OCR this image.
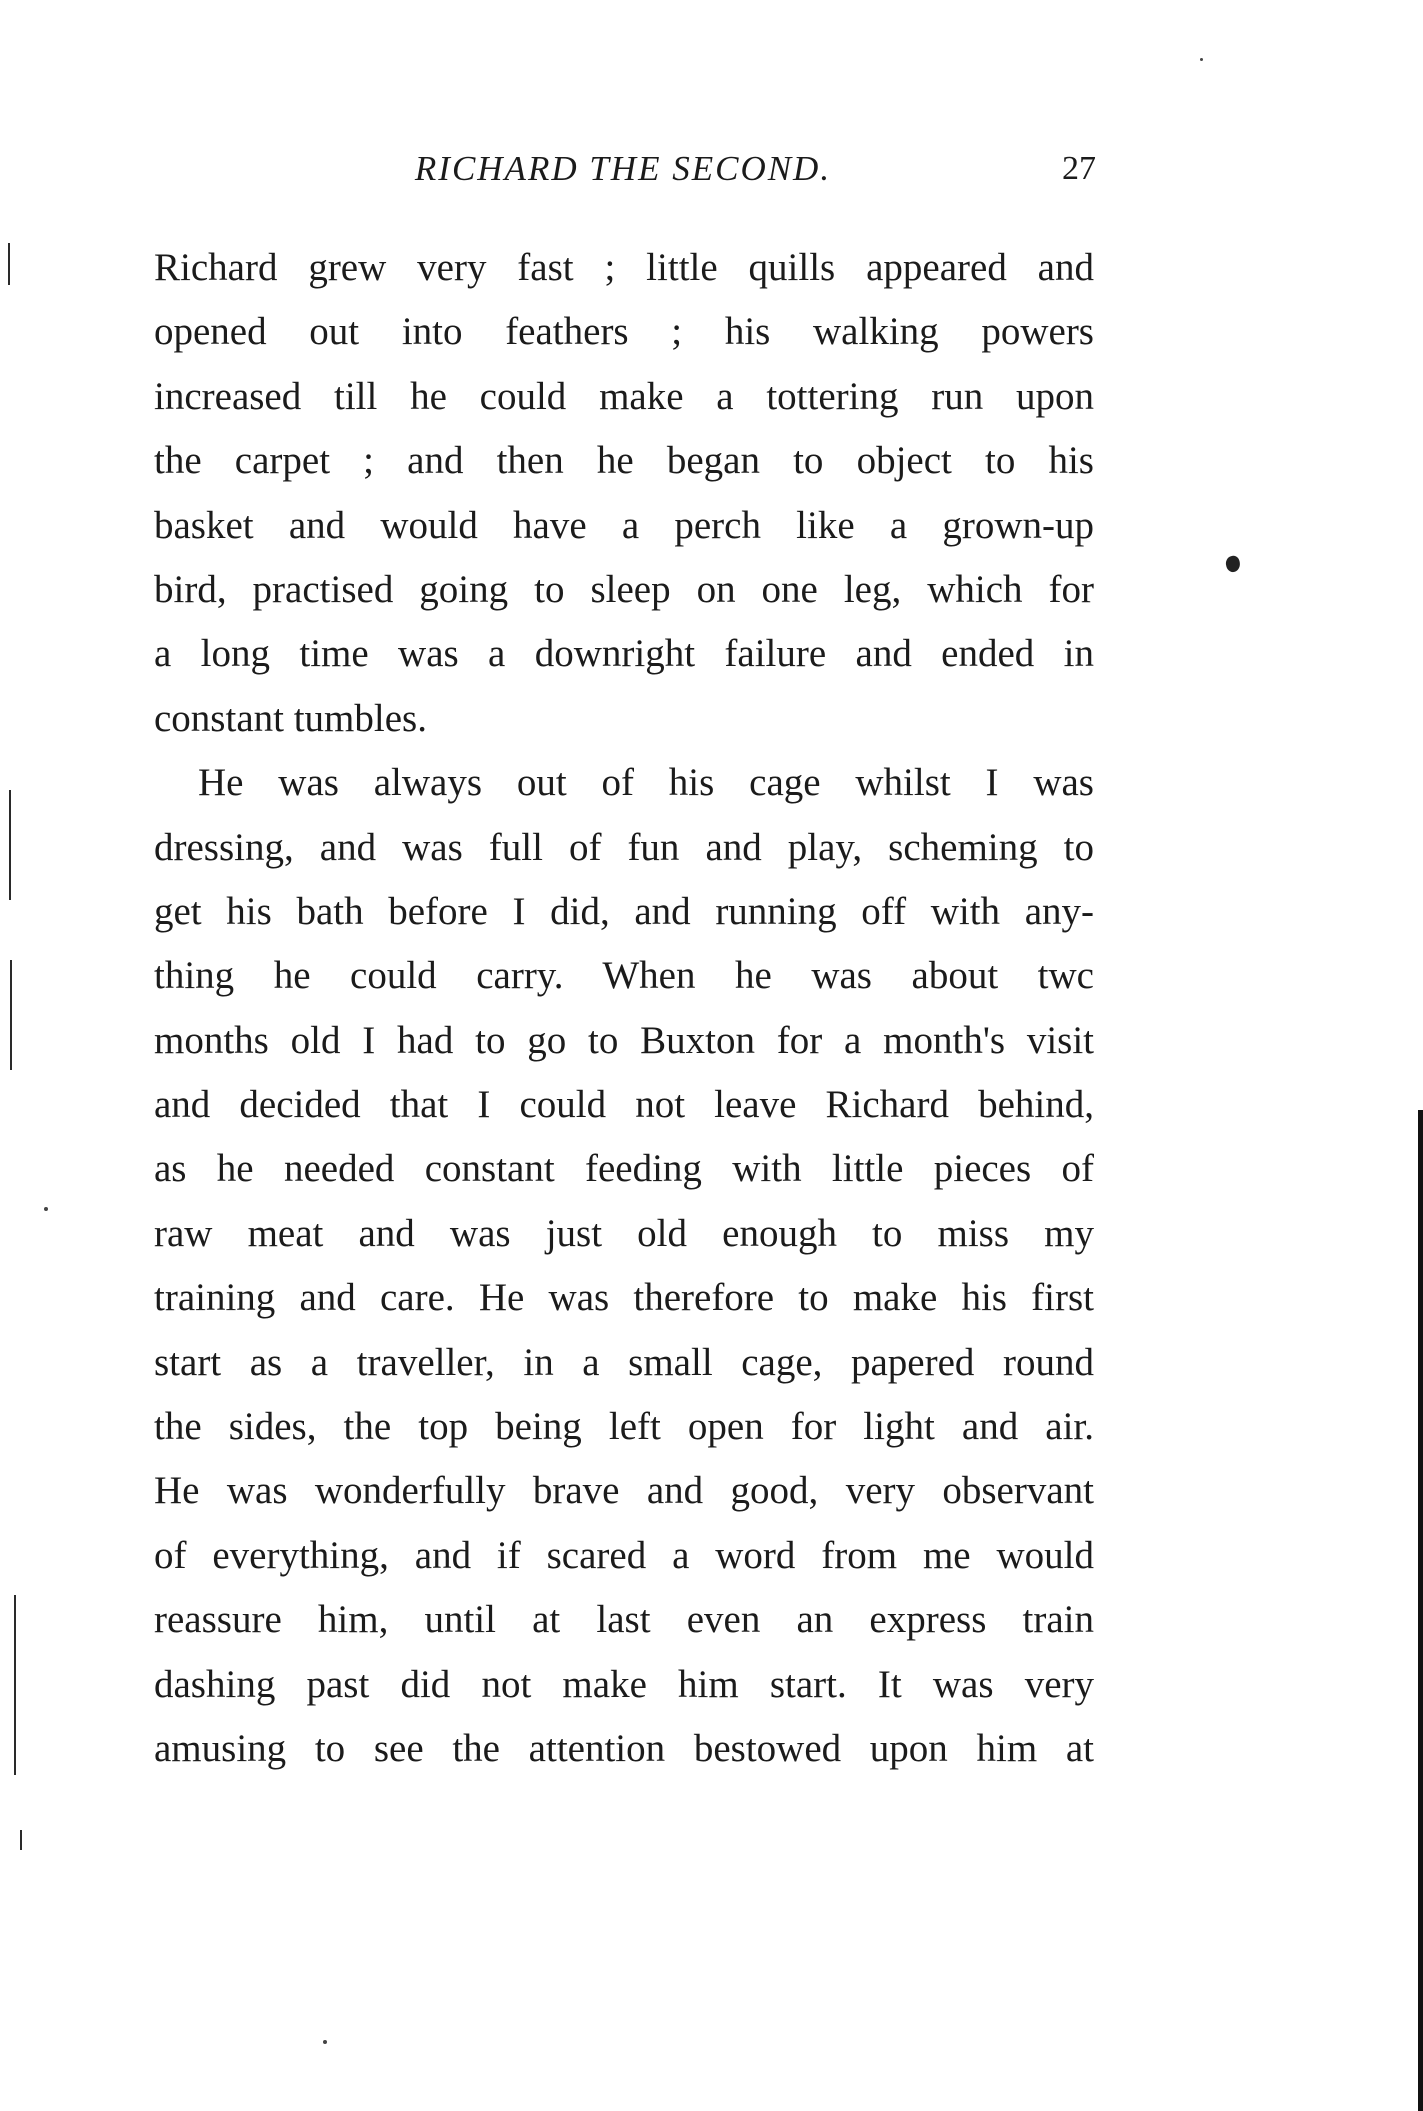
RICHARD THE SECOND.	27
Richard grew very fast ; little quills appeared and
opened out into feathers ; his walking powers
increased till he could make a tottering run upon
the carpet ; and then he began to object to his
basket and would have a perch like a grown-up
bird, practised going to sleep on one leg, which for
a long time was a downright failure and ended in
constant tumbles.
He was always out of his cage whilst I was
dressing, and was full of fun and play, scheming to
get his bath before I did, and running off with any-
thing he could carry. When he was about twc
months old I had to go to Buxton for a month's visit
and decided that I could not leave Richard behind,
as he needed constant feeding with little pieces of
raw meat and was just old enough to miss my
training and care. He was therefore to make his first
start as a traveller, in a small cage, papered round
the sides, the top being left open for light and air.
He was wonderfully brave and good, very observant
of everything, and if scared a word from me would
reassure him, until at last even an express train
dashing past did not make him start. It was very
amusing to see the attention bestowed upon him at
